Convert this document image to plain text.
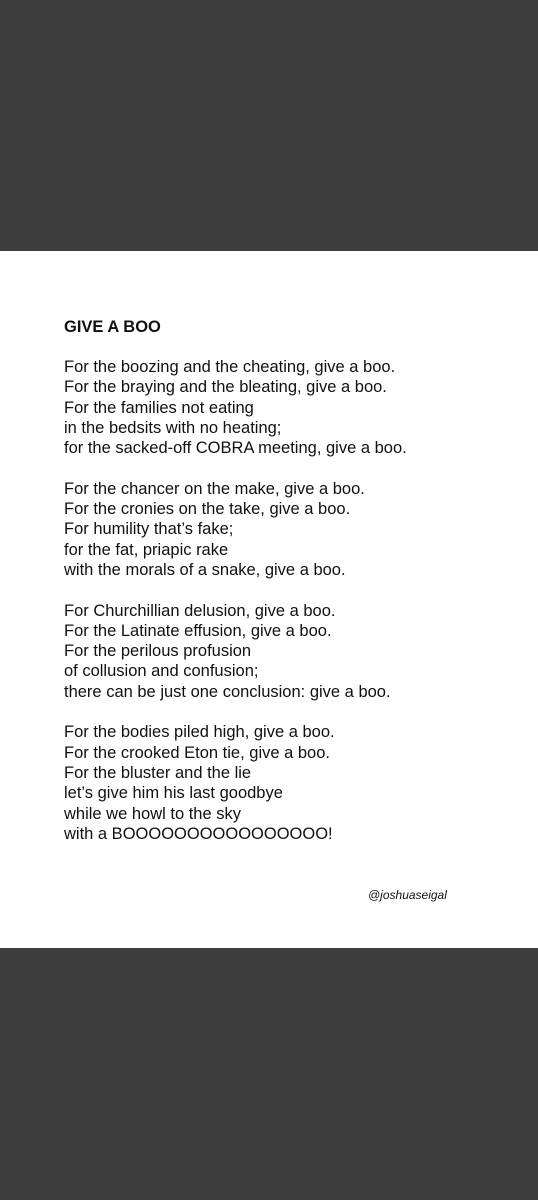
GIVE A BOO
For the boozing and the cheating, give a boo.
For the braying and the bleating, give a boo.
For the families not eating
in the bedsits with no heating;
for the sacked-off COBRA meeting, give a boo.
For the chancer on the make, give a boo.
For the cronies on the take, give a boo.
For humility that’s fake;
for the fat, priapic rake
with the morals of a snake, give a boo.
For Churchillian delusion, give a boo.
For the Latinate effusion, give a boo.
For the perilous profusion
of collusion and confusion;
there can be just one conclusion: give a boo.
For the bodies piled high, give a boo.
For the crooked Eton tie, give a boo.
For the bluster and the lie
let’s give him his last goodbye
while we howl to the sky
with a BOOOOOOOOOOOOOOOO!
@joshuaseigal
